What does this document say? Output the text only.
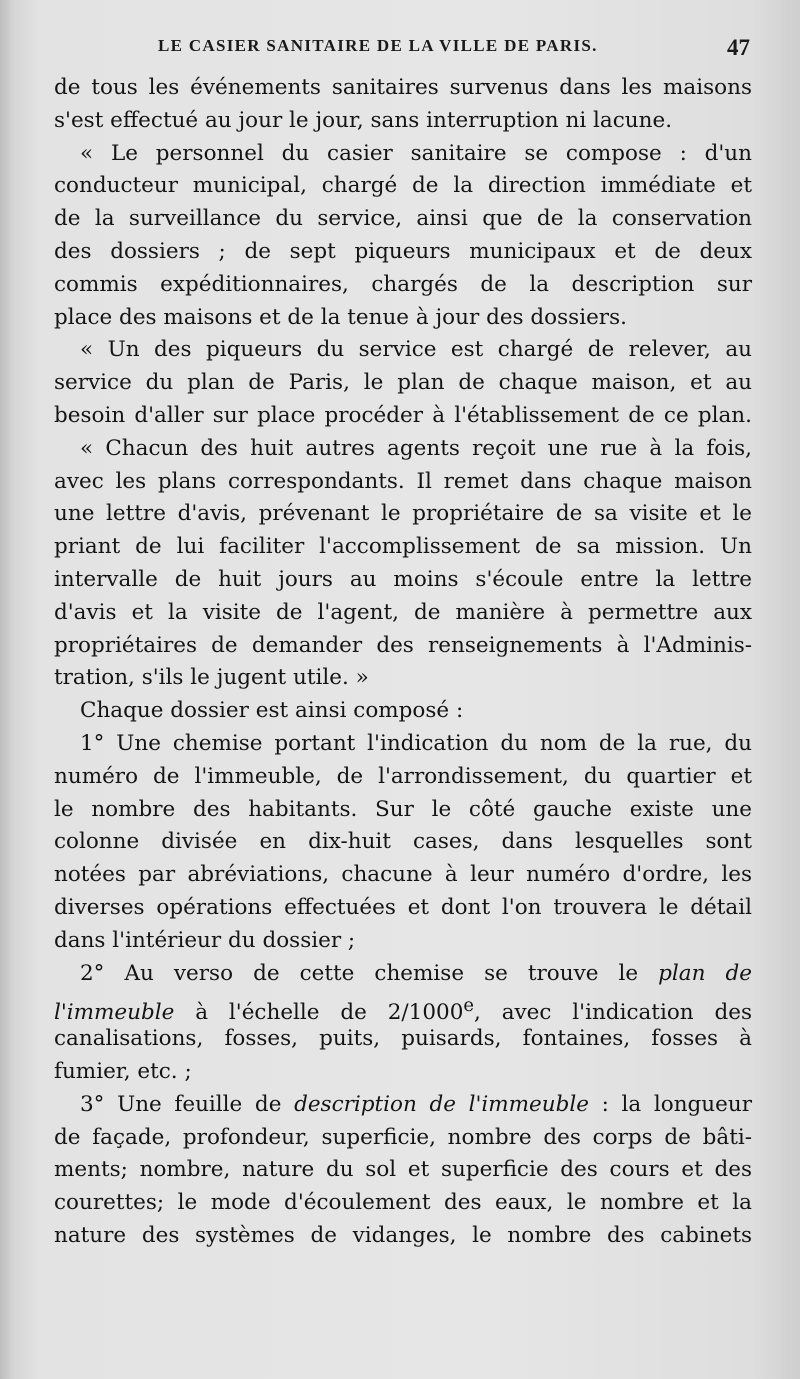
LE CASIER SANITAIRE DE LA VILLE DE PARIS.	47
de tous les événements sanitaires survenus dans les maisons
s'est effectué au jour le jour, sans interruption ni lacune.
« Le personnel du casier sanitaire se compose : d'un
conducteur municipal, chargé de la direction immédiate et
de la surveillance du service, ainsi que de la conservation
des dossiers ; de sept piqueurs municipaux et de deux
commis expéditionnaires, chargés de la description sur
place des maisons et de la tenue à jour des dossiers.
« Un des piqueurs du service est chargé de relever, au
service du plan de Paris, le plan de chaque maison, et au
besoin d'aller sur place procéder à l'établissement de ce plan.
« Chacun des huit autres agents reçoit une rue à la fois,
avec les plans correspondants. Il remet dans chaque maison
une lettre d'avis, prévenant le propriétaire de sa visite et le
priant de lui faciliter l'accomplissement de sa mission. Un
intervalle de huit jours au moins s'écoule entre la lettre
d'avis et la visite de l'agent, de manière à permettre aux
propriétaires de demander des renseignements à l'Adminis-
tration, s'ils le jugent utile. »
Chaque dossier est ainsi composé :
1° Une chemise portant l'indication du nom de la rue, du
numéro de l'immeuble, de l'arrondissement, du quartier et
le nombre des habitants. Sur le côté gauche existe une
colonne divisée en dix-huit cases, dans lesquelles sont
notées par abréviations, chacune à leur numéro d'ordre, les
diverses opérations effectuées et dont l'on trouvera le détail
dans l'intérieur du dossier ;
2° Au verso de cette chemise se trouve le plan de
l'immeuble à l'échelle de 2/1000e, avec l'indication des
canalisations, fosses, puits, puisards, fontaines, fosses à
fumier, etc. ;
3° Une feuille de description de l'immeuble : la longueur
de façade, profondeur, superficie, nombre des corps de bâti-
ments; nombre, nature du sol et superficie des cours et des
courettes; le mode d'écoulement des eaux, le nombre et la
nature des systèmes de vidanges, le nombre des cabinets
